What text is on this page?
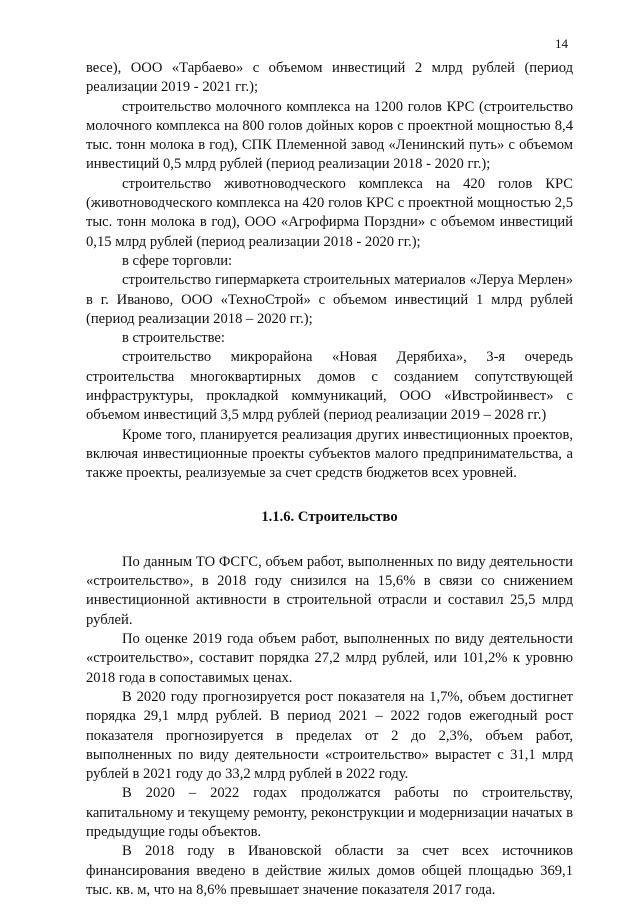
14

весе), ООО «Тарбаево» с объемом инвестиций 2 млрд рублей (период реализации 2019 - 2021 гг.);

строительство молочного комплекса на 1200 голов КРС (строительство молочного комплекса на 800 голов дойных коров с проектной мощностью 8,4 тыс. тонн молока в год), СПК Племенной завод «Ленинский путь» с объемом инвестиций 0,5 млрд рублей (период реализации 2018 - 2020 гг.);

строительство животноводческого комплекса на 420 голов КРС (животноводческого комплекса на 420 голов КРС с проектной мощностью 2,5 тыс. тонн молока в год), ООО «Агрофирма Порздни» с объемом инвестиций 0,15 млрд рублей (период реализации 2018 - 2020 гг.);

в сфере торговли:

строительство гипермаркета строительных материалов «Леруа Мерлен» в г. Иваново, ООО «ТехноСтрой» с объемом инвестиций 1 млрд рублей (период реализации 2018 – 2020 гг.);

в строительстве:

строительство микрорайона «Новая Дерябиха», 3-я очередь строительства многоквартирных домов с созданием сопутствующей инфраструктуры, прокладкой коммуникаций, ООО «Ивстройинвест» с объемом инвестиций 3,5 млрд рублей (период реализации 2019 – 2028 гг.)

Кроме того, планируется реализация других инвестиционных проектов, включая инвестиционные проекты субъектов малого предпринимательства, а также проекты, реализуемые за счет средств бюджетов всех уровней.

1.1.6. Строительство

По данным ТО ФСГС, объем работ, выполненных по виду деятельности «строительство», в 2018 году снизился на 15,6% в связи со снижением инвестиционной активности в строительной отрасли и составил 25,5 млрд рублей.

По оценке 2019 года объем работ, выполненных по виду деятельности «строительство», составит порядка 27,2 млрд рублей, или 101,2% к уровню 2018 года в сопоставимых ценах.

В 2020 году прогнозируется рост показателя на 1,7%, объем достигнет порядка 29,1 млрд рублей. В период 2021 – 2022 годов ежегодный рост показателя прогнозируется в пределах от 2 до 2,3%, объем работ, выполненных по виду деятельности «строительство» вырастет с 31,1 млрд рублей в 2021 году до 33,2 млрд рублей в 2022 году.

В 2020 – 2022 годах продолжатся работы по строительству, капитальному и текущему ремонту, реконструкции и модернизации начатых в предыдущие годы объектов.

В 2018 году в Ивановской области за счет всех источников финансирования введено в действие жилых домов общей площадью 369,1 тыс. кв. м, что на 8,6% превышает значение показателя 2017 года.
